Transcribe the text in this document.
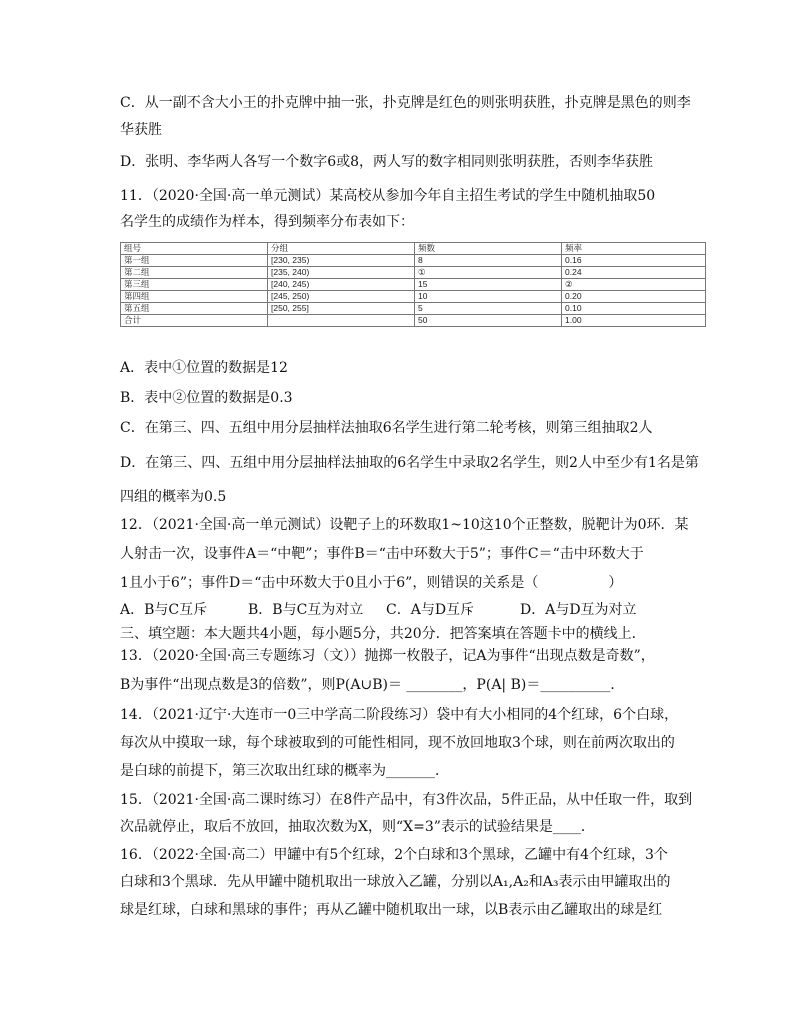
C．从一副不含大小王的扑克牌中抽一张，扑克牌是红色的则张明获胜，扑克牌是黑色的则李
华获胜
D．张明、李华两人各写一个数字6或8，两人写的数字相同则张明获胜，否则李华获胜
11．（2020·全国·高一单元测试）某高校从参加今年自主招生考试的学生中随机抽取50
名学生的成绩作为样本，得到频率分布表如下：
组号	分组	频数	频率
第一组	[230, 235)	8	0.16
第二组	[235, 240)	①	0.24
第三组	[240, 245)	15	②
第四组	[245, 250)	10	0.20
第五组	[250, 255]	5	0.10
合计		50	1.00
A．表中①位置的数据是12
B．表中②位置的数据是0.3
C．在第三、四、五组中用分层抽样法抽取6名学生进行第二轮考核，则第三组抽取2人
D．在第三、四、五组中用分层抽样法抽取的6名学生中录取2名学生，则2人中至少有1名是第
四组的概率为0.5
12．（2021·全国·高一单元测试）设靶子上的环数取1~10这10个正整数，脱靶计为0环．某
人射击一次，设事件A＝“中靶”；事件B＝“击中环数大于5”；事件C＝“击中环数大于
1且小于6”；事件D＝“击中环数大于0且小于6”，则错误的关系是（　　　　　）
A．B与C互斥	B．B与C互为对立 C．A与D互斥	D．A与D互为对立
三、填空题：本大题共4小题，每小题5分，共20分．把答案填在答题卡中的横线上．
13．（2020·全国·高三专题练习（文））抛掷一枚骰子，记A为事件“出现点数是奇数”，
B为事件“出现点数是3的倍数”，则P(A∪B)＝ ________，P(A| B)＝__________．
14．（2021·辽宁·大连市一0三中学高二阶段练习）袋中有大小相同的4个红球，6个白球，
每次从中摸取一球，每个球被取到的可能性相同，现不放回地取3个球，则在前两次取出的
是白球的前提下，第三次取出红球的概率为_______．
15．（2021·全国·高二课时练习）在8件产品中，有3件次品，5件正品，从中任取一件，取到
次品就停止，取后不放回，抽取次数为X，则“X=3”表示的试验结果是____．
16．（2022·全国·高二）甲罐中有5个红球，2个白球和3个黑球，乙罐中有4个红球，3个
白球和3个黑球．先从甲罐中随机取出一球放入乙罐，分别以A₁,A₂和A₃表示由甲罐取出的
球是红球，白球和黑球的事件；再从乙罐中随机取出一球，以B表示由乙罐取出的球是红
